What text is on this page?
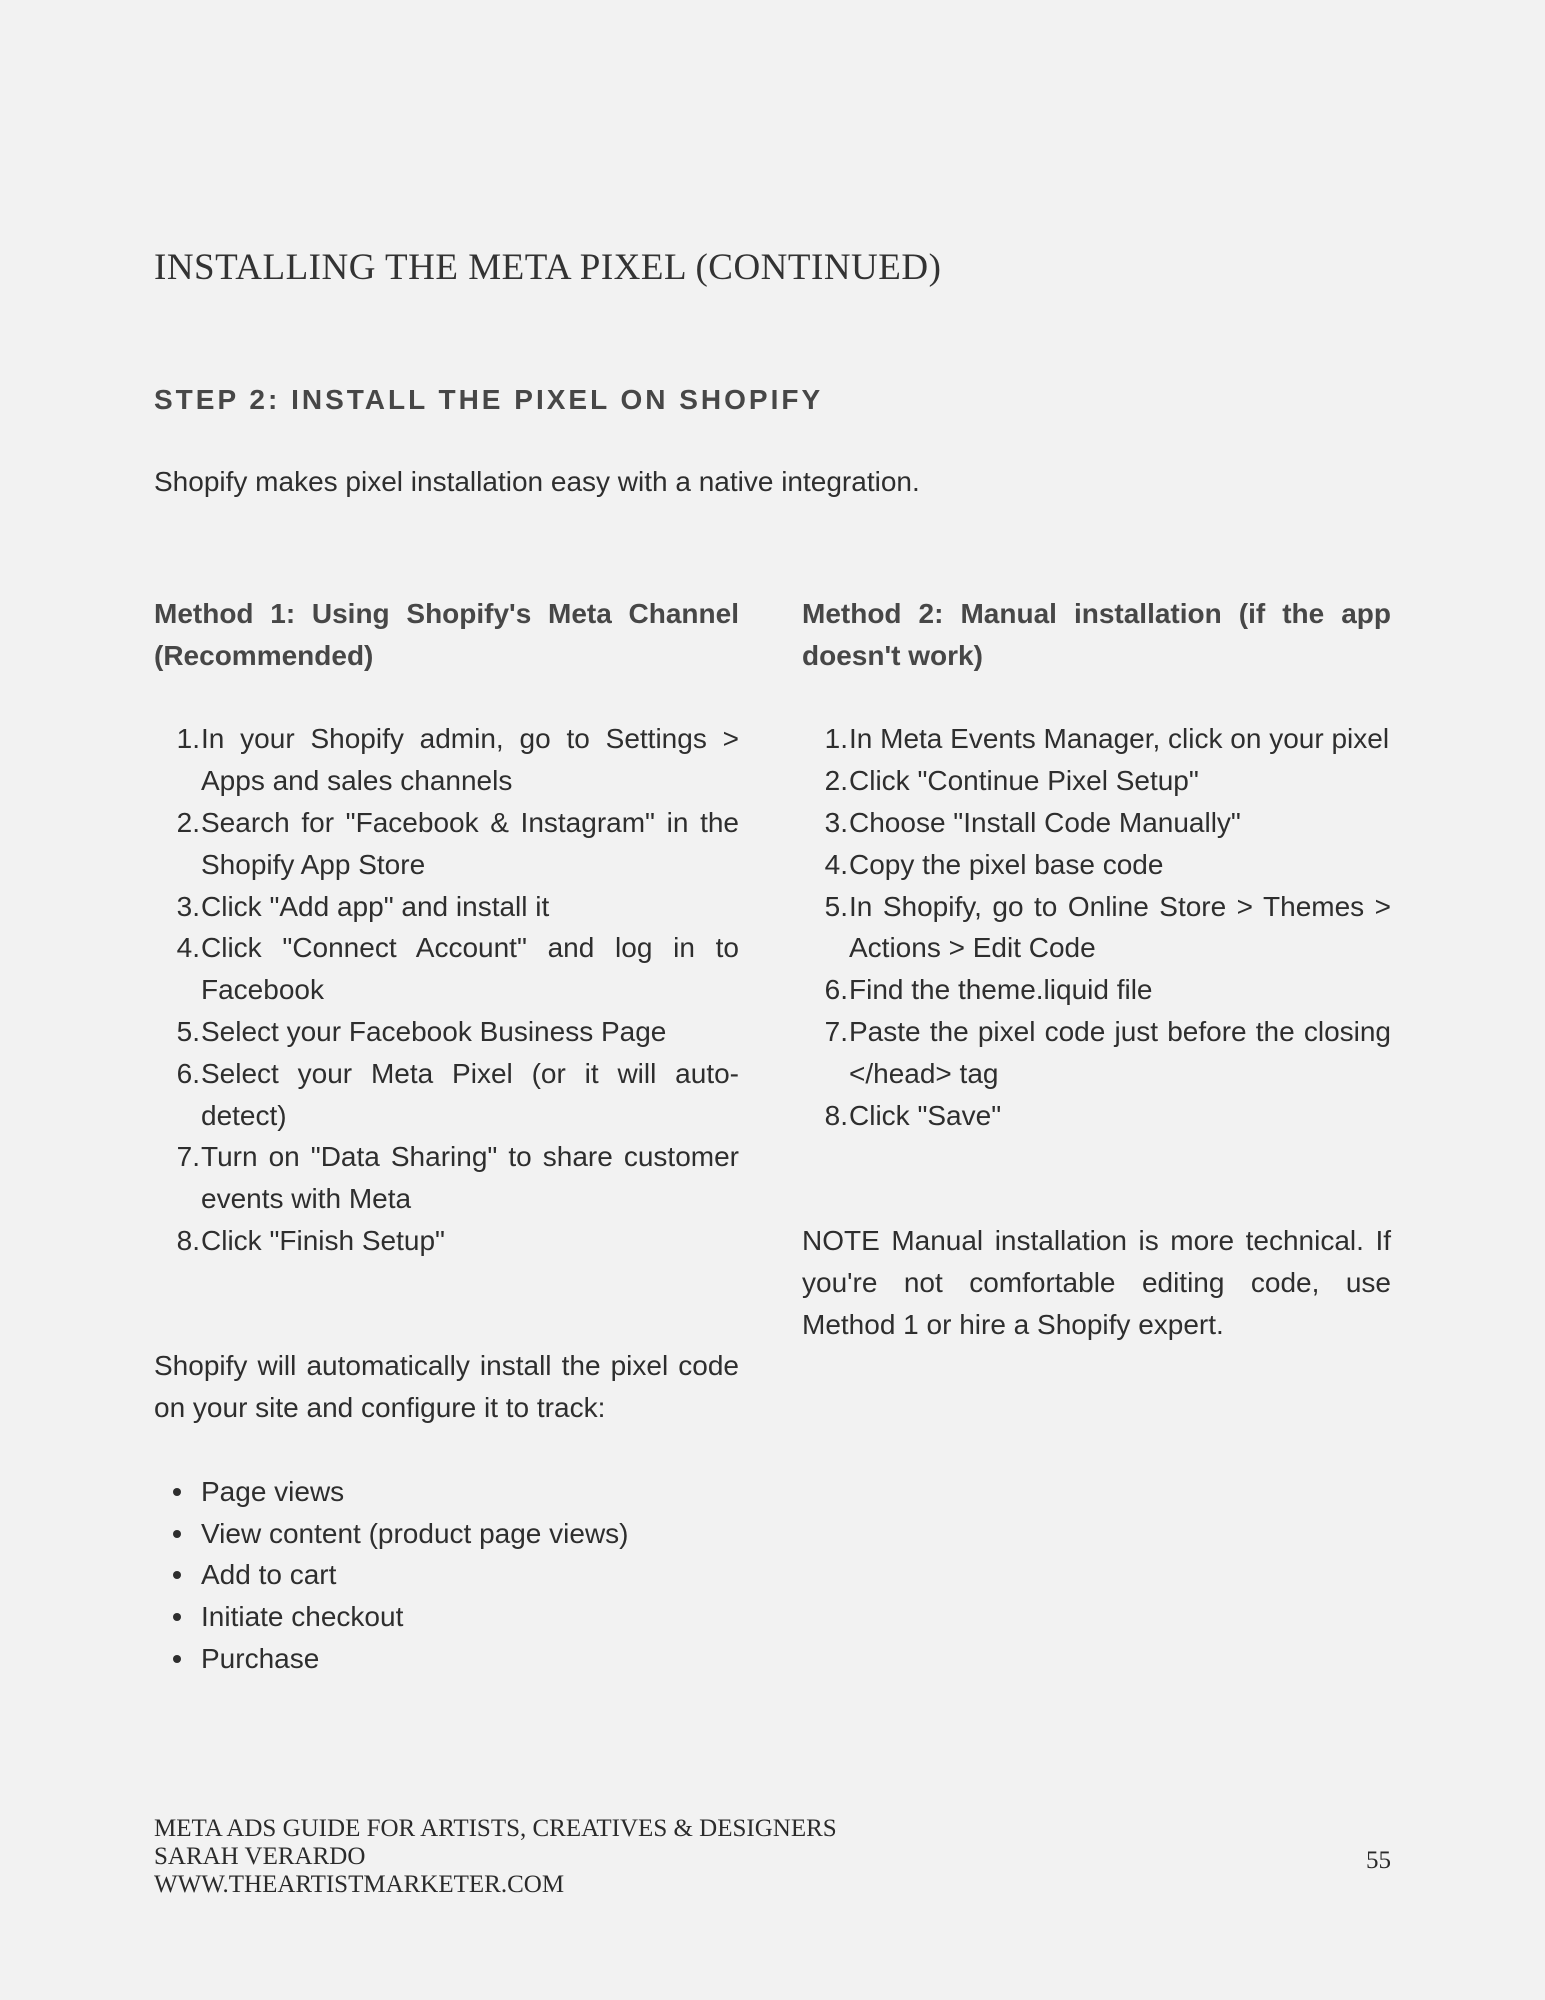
INSTALLING THE META PIXEL (CONTINUED)
STEP 2: INSTALL THE PIXEL ON SHOPIFY

Shopify makes pixel installation easy with a native integration.

Method 1: Using Shopify's Meta Channel (Recommended)

1. In your Shopify admin, go to Settings > Apps and sales channels
2. Search for "Facebook & Instagram" in the Shopify App Store
3. Click "Add app" and install it
4. Click "Connect Account" and log in to Facebook
5. Select your Facebook Business Page
6. Select your Meta Pixel (or it will auto-detect)
7. Turn on "Data Sharing" to share customer events with Meta
8. Click "Finish Setup"

Shopify will automatically install the pixel code on your site and configure it to track:

Page views
View content (product page views)
Add to cart
Initiate checkout
Purchase

Method 2: Manual installation (if the app doesn't work)

1. In Meta Events Manager, click on your pixel
2. Click "Continue Pixel Setup"
3. Choose "Install Code Manually"
4. Copy the pixel base code
5. In Shopify, go to Online Store > Themes > Actions > Edit Code
6. Find the theme.liquid file
7. Paste the pixel code just before the closing </head> tag
8. Click "Save"

NOTE Manual installation is more technical. If you're not comfortable editing code, use Method 1 or hire a Shopify expert.

META ADS GUIDE FOR ARTISTS, CREATIVES & DESIGNERS
SARAH VERARDO
WWW.THEARTISTMARKETER.COM
55
